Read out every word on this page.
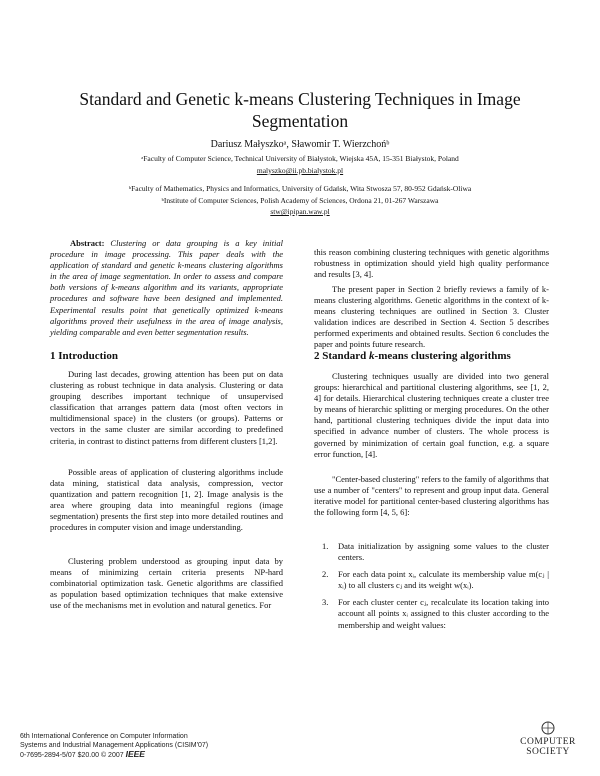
Standard and Genetic k-means Clustering Techniques in Image
Segmentation
Dariusz Małyszkoᵃ, Sławomir T. Wierzchońᵇ
ᵃFaculty of Computer Science, Technical University of Białystok, Wiejska 45A, 15-351 Białystok, Poland
malyszko@ii.pb.bialystok.pl
ᵇFaculty of Mathematics, Physics and Informatics, University of Gdańsk, Wita Stwosza 57, 80-952 Gdańsk-Oliwa
ᵇInstitute of Computer Sciences, Polish Academy of Sciences, Ordona 21, 01-267 Warszawa
stw@ipipan.waw.pl
Abstract: Clustering or data grouping is a key initial procedure in image processing. This paper deals with the application of standard and genetic k-means clustering algorithms in the area of image segmentation. In order to assess and compare both versions of k-means algorithm and its variants, appropriate procedures and software have been designed and implemented. Experimental results point that genetically optimized k-means algorithms proved their usefulness in the area of image analysis, yielding comparable and even better segmentation results.
1 Introduction

During last decades, growing attention has been put on data clustering as robust technique in data analysis. Clustering or data grouping describes important technique of unsupervised classification that arranges pattern data (most often vectors in multidimensional space) in the clusters (or groups). Patterns or vectors in the same cluster are similar according to predefined criteria, in contrast to distinct patterns from different clusters [1,2].

Possible areas of application of clustering algorithms include data mining, statistical data analysis, compression, vector quantization and pattern recognition [1, 2]. Image analysis is the area where grouping data into meaningful regions (image segmentation) presents the first step into more detailed routines and procedures in computer vision and image understanding.

Clustering problem understood as grouping input data by means of minimizing certain criteria presents NP-hard combinatorial optimization task. Genetic algorithms are classified as population based optimization techniques that make extensive use of the mechanisms met in evolution and natural genetics. For

this reason combining clustering techniques with genetic algorithms robustness in optimization should yield high quality performance and results [3, 4].

The present paper in Section 2 briefly reviews a family of k-means clustering algorithms. Genetic algorithms in the context of k-means clustering techniques are outlined in Section 3. Cluster validation indices are described in Section 4. Section 5 describes performed experiments and obtained results. Section 6 concludes the paper and points future research.

2 Standard k-means clustering algorithms

Clustering techniques usually are divided into two general groups: hierarchical and partitional clustering algorithms, see [1, 2, 4] for details. Hierarchical clustering techniques create a cluster tree by means of hierarchic splitting or merging procedures. On the other hand, partitional clustering techniques divide the input data into specified in advance number of clusters. The whole process is governed by minimization of certain goal function, e.g. a square error function, [4].

"Center-based clustering" refers to the family of algorithms that use a number of "centers" to represent and group input data. General iterative model for partitional center-based clustering algorithms has the following form [4, 5, 6]:

1. Data initialization by assigning some values to the cluster centers.
2. For each data point xᵢ, calculate its membership value m(cⱼ | xᵢ) to all clusters cⱼ and its weight w(xᵢ).
3. For each cluster center cⱼ, recalculate its location taking into account all points xᵢ assigned to this cluster according to the membership and weight values:
6th International Conference on Computer Information
Systems and Industrial Management Applications (CISIM'07)
0-7695-2894-5/07 $20.00 © 2007 IEEE
COMPUTER
SOCIETY
